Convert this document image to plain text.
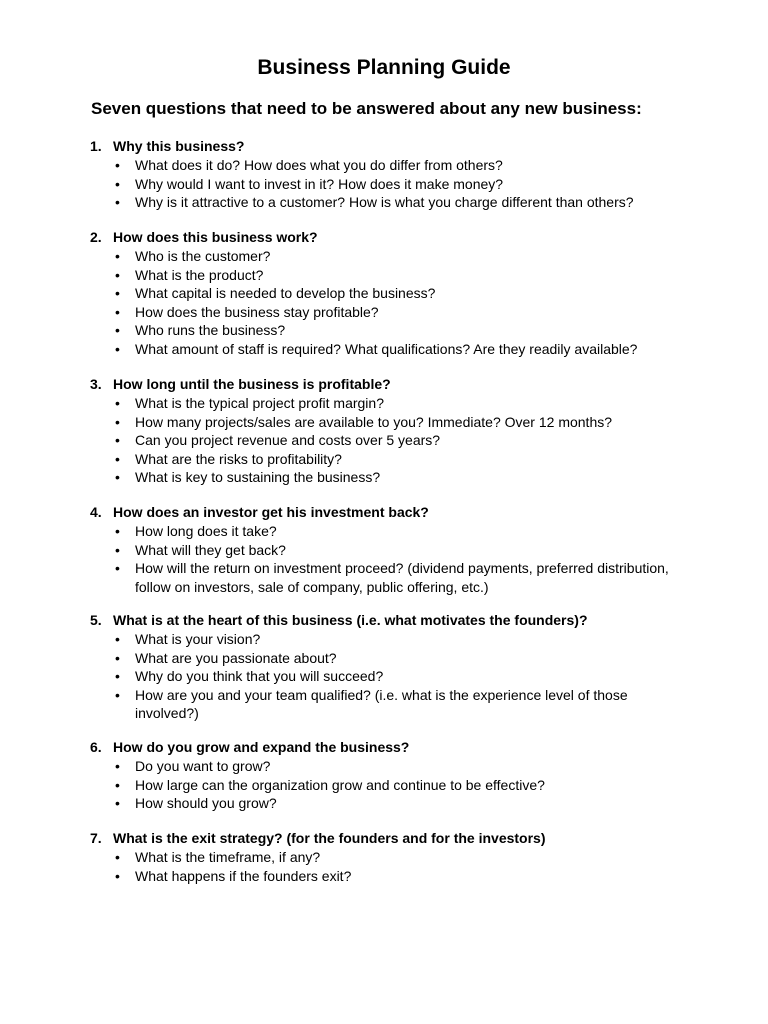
Business Planning Guide
Seven questions that need to be answered about any new business:
1. Why this business?
• What does it do? How does what you do differ from others?
• Why would I want to invest in it? How does it make money?
• Why is it attractive to a customer? How is what you charge different than others?
2. How does this business work?
• Who is the customer?
• What is the product?
• What capital is needed to develop the business?
• How does the business stay profitable?
• Who runs the business?
• What amount of staff is required? What qualifications? Are they readily available?
3. How long until the business is profitable?
• What is the typical project profit margin?
• How many projects/sales are available to you? Immediate? Over 12 months?
• Can you project revenue and costs over 5 years?
• What are the risks to profitability?
• What is key to sustaining the business?
4. How does an investor get his investment back?
• How long does it take?
• What will they get back?
• How will the return on investment proceed? (dividend payments, preferred distribution, follow on investors, sale of company, public offering, etc.)
5. What is at the heart of this business (i.e. what motivates the founders)?
• What is your vision?
• What are you passionate about?
• Why do you think that you will succeed?
• How are you and your team qualified? (i.e. what is the experience level of those involved?)
6. How do you grow and expand the business?
• Do you want to grow?
• How large can the organization grow and continue to be effective?
• How should you grow?
7. What is the exit strategy? (for the founders and for the investors)
• What is the timeframe, if any?
• What happens if the founders exit?
